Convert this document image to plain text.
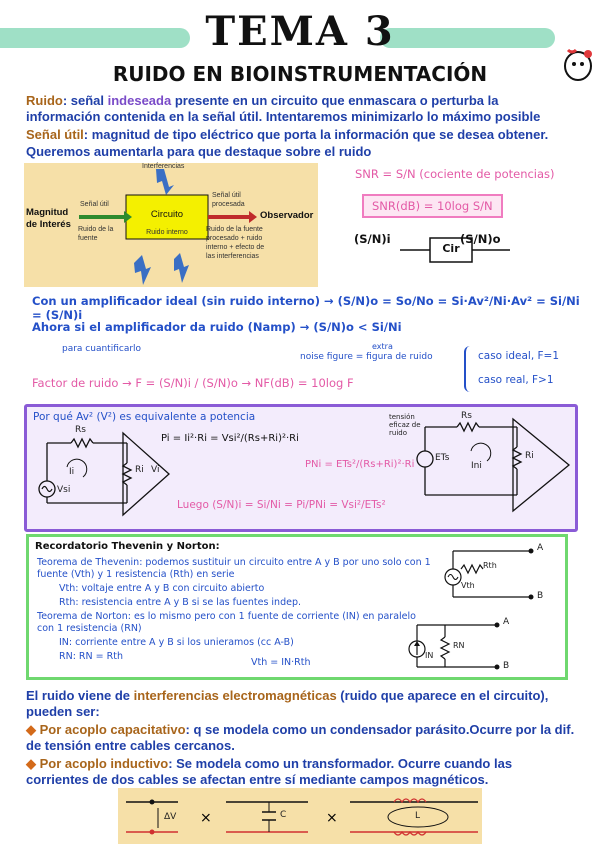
TEMA 3
RUIDO EN BIOINSTRUMENTACIÓN
Ruido: señal indeseada presente en un circuito que enmascara o perturba la información contenida en la señal útil. Intentaremos minimizarlo lo máximo posible
Señal útil: magnitud de tipo eléctrico que porta la información que se desea obtener.
Queremos aumentarla para que destaque sobre el ruido
Interferencias
Magnitud de Interés
Señal útil
Ruido de la fuente
Circuito
Ruido interno
Señal útil procesada
Ruido de la fuente procesado + ruido interno + efecto de las interferencias
Observador
SNR = S/N (cociente de potencias)
SNR(dB) = 10log S/N
(S/N)i
Cir
(S/N)o
Con un amplificador ideal (sin ruido interno) → (S/N)o = So/No = Si·Av²/Ni·Av² = Si/Ni = (S/N)i
Ahora si el amplificador da ruido (Namp) → (S/N)o < Si/Ni
para cuantificarlo	extra
noise figure = figura de ruido
Factor de ruido → F = (S/N)i / (S/N)o → NF(dB) = 10log F
caso ideal, F=1
caso real, F>1
Por qué Av² (V²) es equivalente a potencia
Pi = Ii²·Ri = Vsi²/(Rs+Ri)²·Ri
PNi = ETs²/(Rs+Ri)²·Ri
Luego (S/N)i = Si/Ni = Pi/PNi = Vsi²/ETs²
Rs
Ri Vi
Ii
Vsi
tensión eficaz de ruido
Rs
ETs
Ini
Ri
Recordatorio Thevenin y Norton:
Teorema de Thevenin: podemos sustituir un circuito entre A y B por uno solo con 1 fuente (Vth) y 1 resistencia (Rth) en serie
Vth: voltaje entre A y B con circuito abierto
Rth: resistencia entre A y B si se las fuentes indep.
Teorema de Norton: es lo mismo pero con 1 fuente de corriente (IN) en paralelo con 1 resistencia (RN)
IN: corriente entre A y B si los unieramos (cc A-B)
RN: RN = Rth
Vth = IN·Rth
A
B
Rth
Vth
A
B
IN
RN
El ruido viene de interferencias electromagnéticas (ruido que aparece en el circuito), pueden ser:
◆ Por acoplo capacitativo: q se modela como un condensador parásito.Ocurre por la dif. de tensión entre cables cercanos.
◆ Por acoplo inductivo: Se modela como un transformador. Ocurre cuando las corrientes de dos cables se afectan entre sí mediante campos magnéticos.
⨯	⨯
ΔV	C	L
